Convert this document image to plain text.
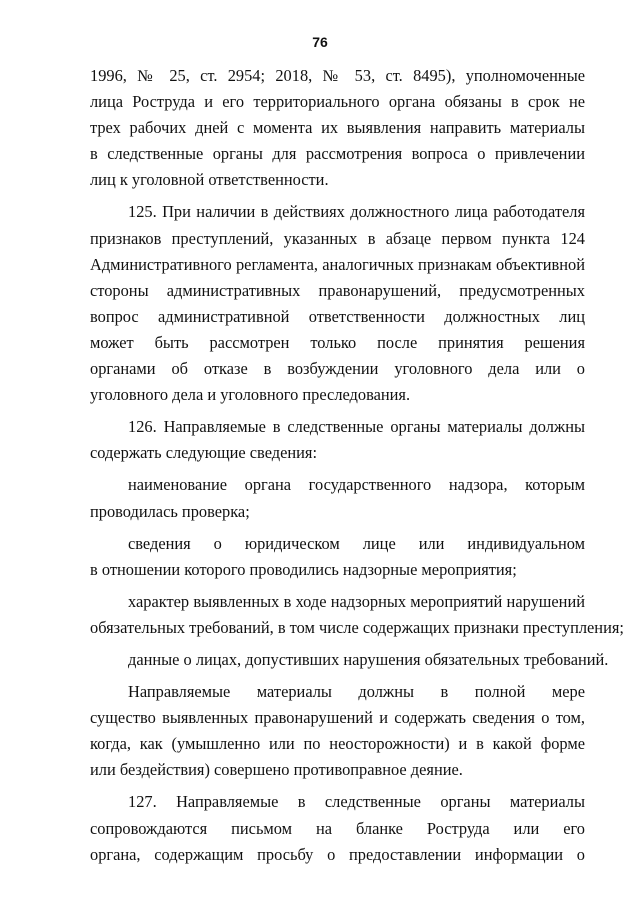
76
1996, № 25, ст. 2954; 2018, № 53, ст. 8495), уполномоченные
лица Роструда и его территориального органа обязаны в срок не
трех рабочих дней с момента их выявления направить материалы
в следственные органы для рассмотрения вопроса о привлечении
лиц к уголовной ответственности.
125. При наличии в действиях должностного лица работодателя
признаков преступлений, указанных в абзаце первом пункта 124
Административного регламента, аналогичных признакам объективной
стороны административных правонарушений, предусмотренных
вопрос административной ответственности должностных лиц
может быть рассмотрен только после принятия решения
органами об отказе в возбуждении уголовного дела или о
уголовного дела и уголовного преследования.
126. Направляемые в следственные органы материалы должны
содержать следующие сведения:
наименование органа государственного надзора, которым
проводилась проверка;
сведения о юридическом лице или индивидуальном
в отношении которого проводились надзорные мероприятия;
характер выявленных в ходе надзорных мероприятий нарушений
обязательных требований, в том числе содержащих признаки преступления;
данные о лицах, допустивших нарушения обязательных требований.
Направляемые материалы должны в полной мере
существо выявленных правонарушений и содержать сведения о том,
когда, как (умышленно или по неосторожности) и в какой форме
или бездействия) совершено противоправное деяние.
127. Направляемые в следственные органы материалы
сопровождаются письмом на бланке Роструда или его
органа, содержащим просьбу о предоставлении информации о
